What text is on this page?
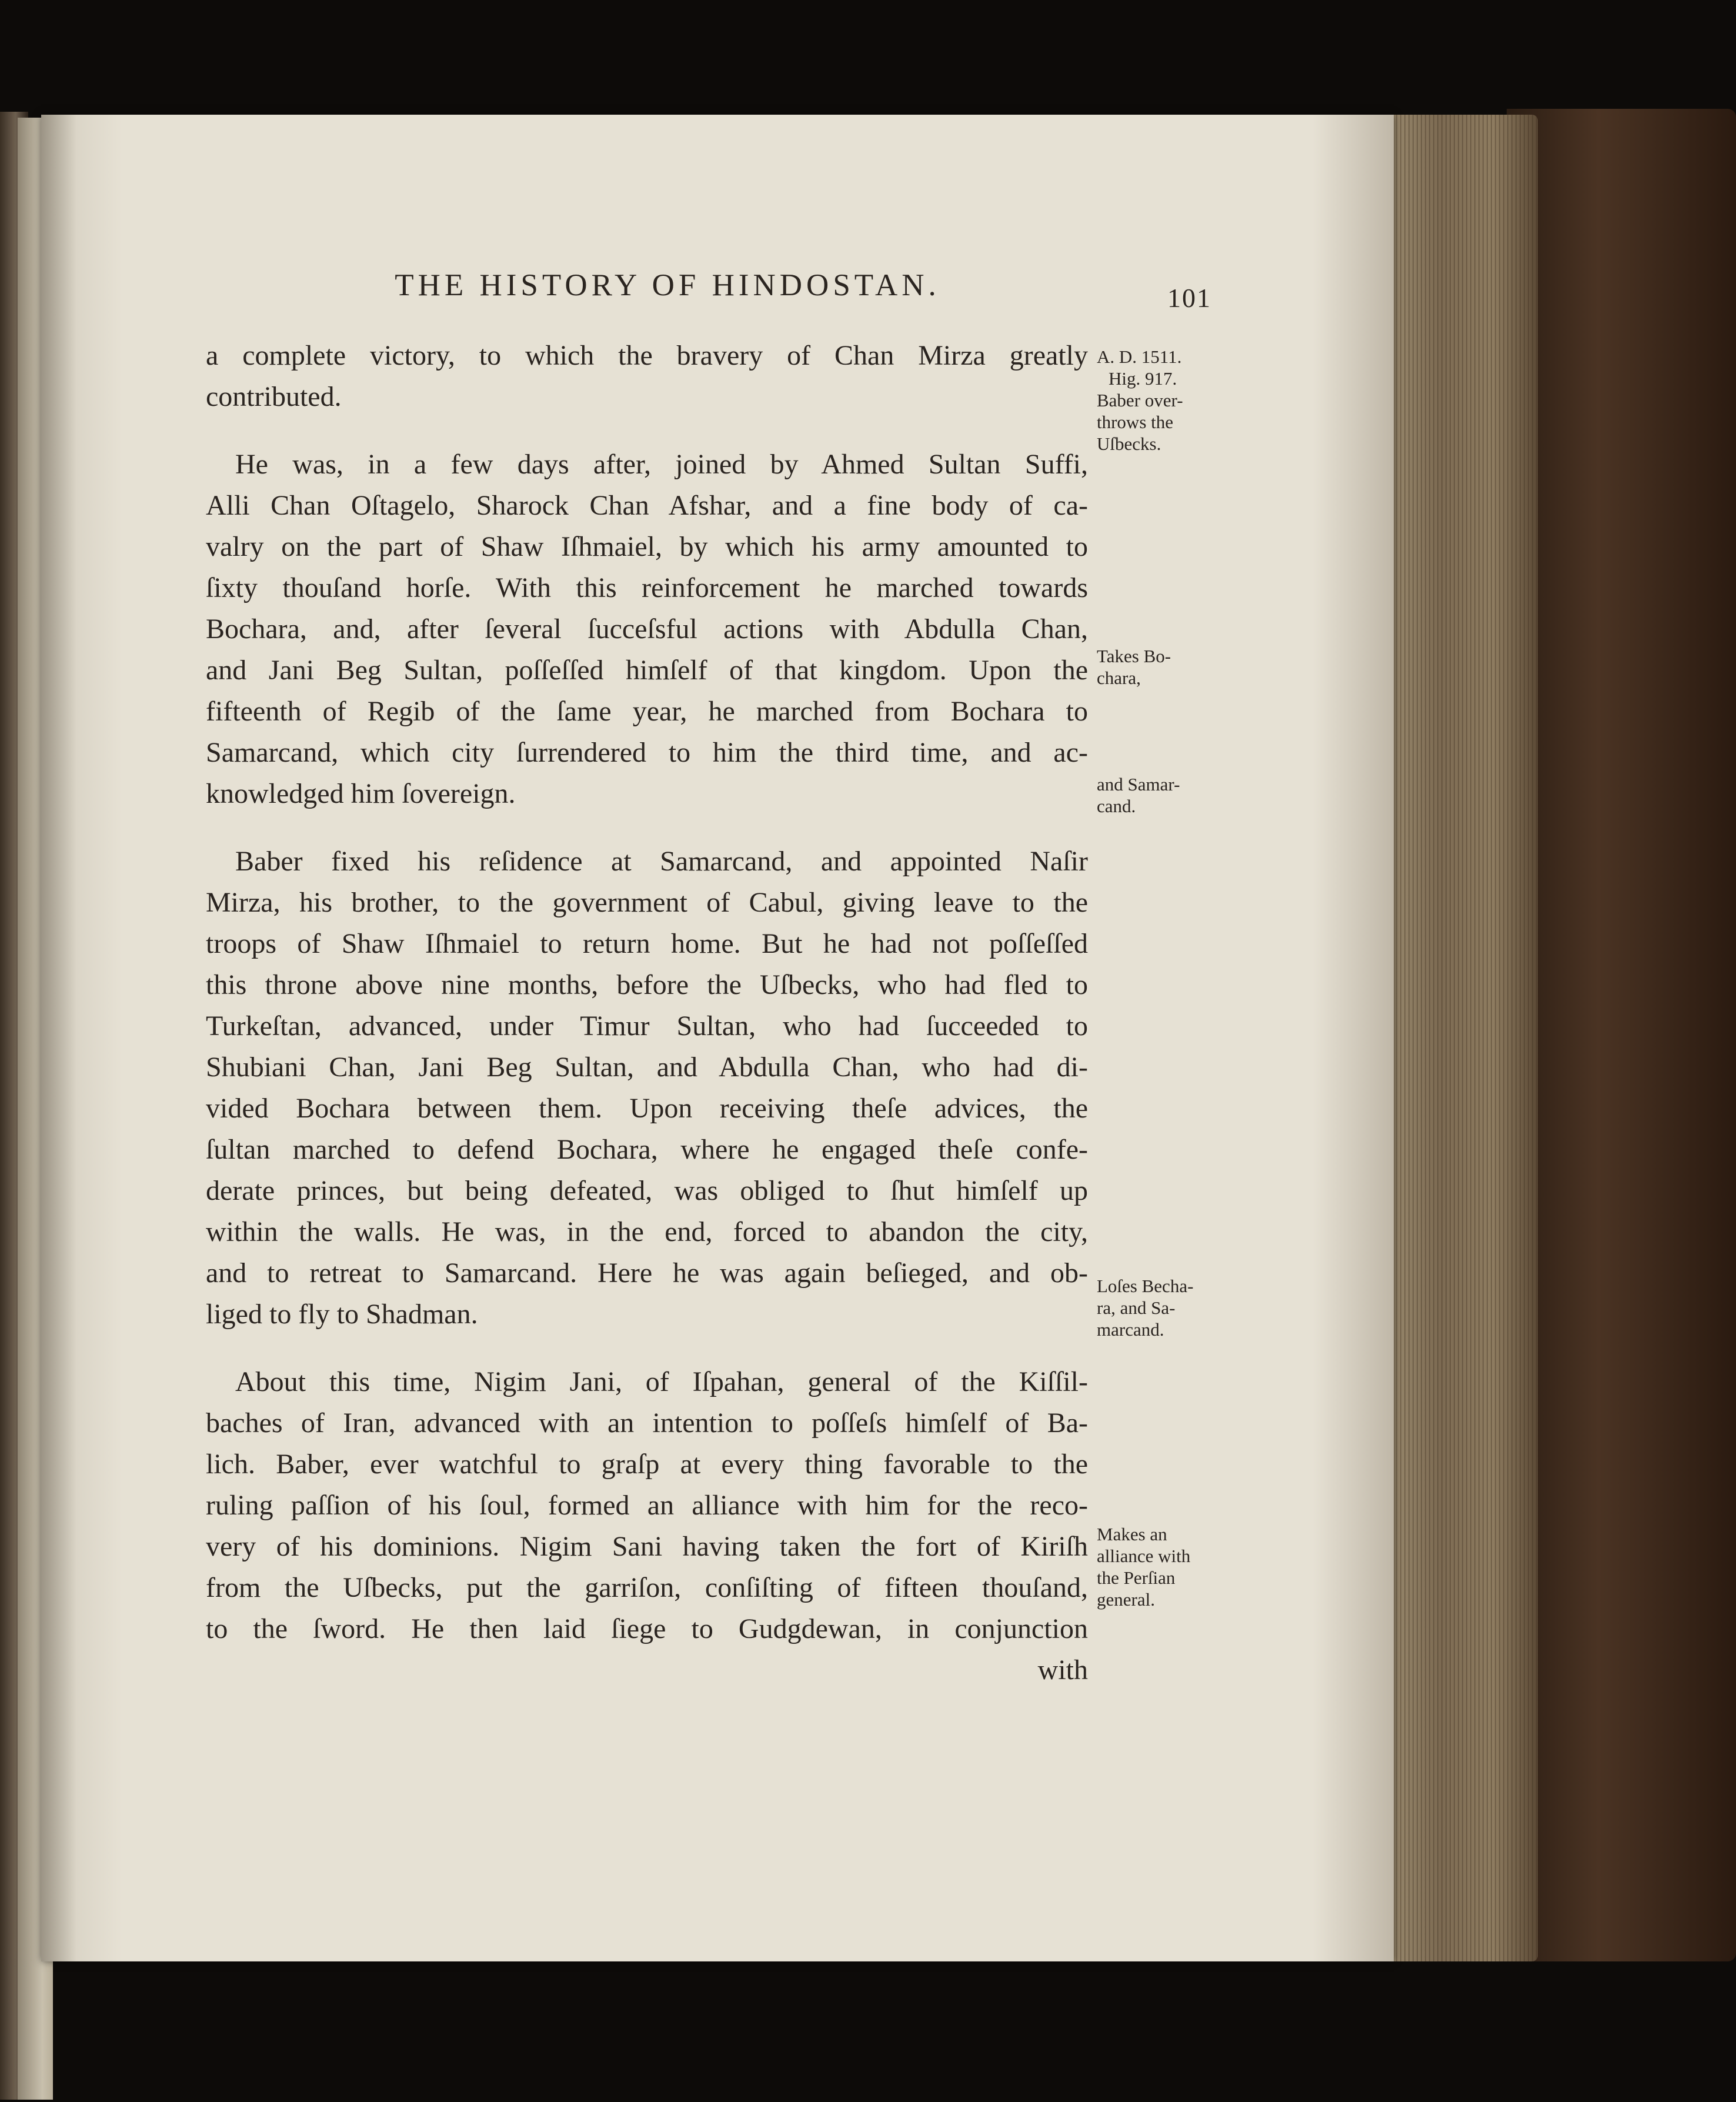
THE HISTORY OF HINDOSTAN.	101
a complete victory, to which the bravery of Chan Mirza greatly
contributed.
He was, in a few days after, joined by Ahmed Sultan Suffi,
Alli Chan Oſtagelo, Sharock Chan Afshar, and a fine body of ca-
valry on the part of Shaw Iſhmaiel, by which his army amounted to
ſixty thouſand horſe. With this reinforcement he marched towards
Bochara, and, after ſeveral ſucceſsful actions with Abdulla Chan,
and Jani Beg Sultan, poſſeſſed himſelf of that kingdom. Upon the
fifteenth of Regib of the ſame year, he marched from Bochara to
Samarcand, which city ſurrendered to him the third time, and ac-
knowledged him ſovereign.
Baber fixed his reſidence at Samarcand, and appointed Naſir
Mirza, his brother, to the government of Cabul, giving leave to the
troops of Shaw Iſhmaiel to return home. But he had not poſſeſſed
this throne above nine months, before the Uſbecks, who had fled to
Turkeſtan, advanced, under Timur Sultan, who had ſucceeded to
Shubiani Chan, Jani Beg Sultan, and Abdulla Chan, who had di-
vided Bochara between them. Upon receiving theſe advices, the
ſultan marched to defend Bochara, where he engaged theſe confe-
derate princes, but being defeated, was obliged to ſhut himſelf up
within the walls. He was, in the end, forced to abandon the city,
and to retreat to Samarcand. Here he was again beſieged, and ob-
liged to fly to Shadman.
About this time, Nigim Jani, of Iſpahan, general of the Kiſſil-
baches of Iran, advanced with an intention to poſſeſs himſelf of Ba-
lich. Baber, ever watchful to graſp at every thing favorable to the
ruling paſſion of his ſoul, formed an alliance with him for the reco-
very of his dominions. Nigim Sani having taken the fort of Kiriſh
from the Uſbecks, put the garriſon, conſiſting of fifteen thouſand,
to the ſword. He then laid ſiege to Gudgdewan, in conjunction
with
A. D. 1511.
Hig. 917.
Baber over-
throws the
Uſbecks.
Takes Bo-
chara,
and Samar-
cand.
Loſes Becha-
ra, and Sa-
marcand.
Makes an
alliance with
the Perſian
general.
